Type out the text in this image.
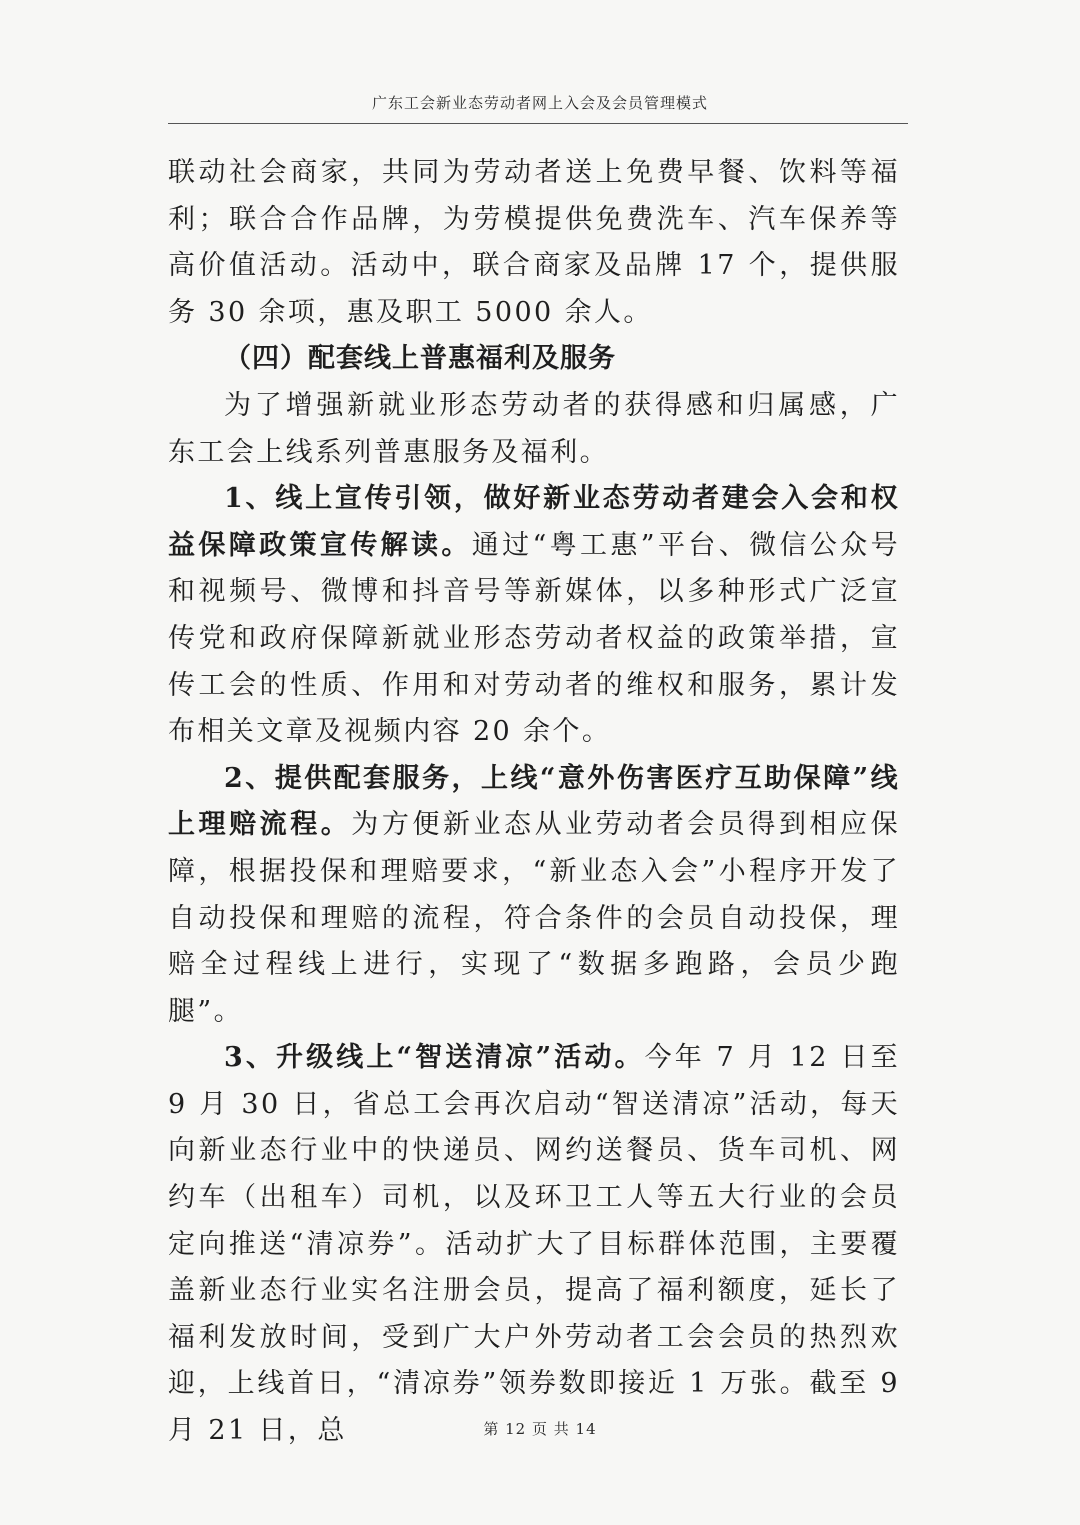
广东工会新业态劳动者网上入会及会员管理模式

联动社会商家，共同为劳动者送上免费早餐、饮料等福利；联合合作品牌，为劳模提供免费洗车、汽车保养等高价值活动。活动中，联合商家及品牌 17 个，提供服务 30 余项，惠及职工 5000 余人。

（四）配套线上普惠福利及服务

为了增强新就业形态劳动者的获得感和归属感，广东工会上线系列普惠服务及福利。

1、线上宣传引领，做好新业态劳动者建会入会和权益保障政策宣传解读。通过“粤工惠”平台、微信公众号和视频号、微博和抖音号等新媒体，以多种形式广泛宣传党和政府保障新就业形态劳动者权益的政策举措，宣传工会的性质、作用和对劳动者的维权和服务，累计发布相关文章及视频内容 20 余个。

2、提供配套服务，上线“意外伤害医疗互助保障”线上理赔流程。为方便新业态从业劳动者会员得到相应保障，根据投保和理赔要求，“新业态入会”小程序开发了自动投保和理赔的流程，符合条件的会员自动投保，理赔全过程线上进行，实现了“数据多跑路，会员少跑腿”。

3、升级线上“智送清凉”活动。今年 7 月 12 日至 9 月 30 日，省总工会再次启动“智送清凉”活动，每天向新业态行业中的快递员、网约送餐员、货车司机、网约车（出租车）司机，以及环卫工人等五大行业的会员定向推送“清凉券”。活动扩大了目标群体范围，主要覆盖新业态行业实名注册会员，提高了福利额度，延长了福利发放时间，受到广大户外劳动者工会会员的热烈欢迎，上线首日，“清凉券”领券数即接近 1 万张。截至 9 月 21 日，总	第 12 页 共 14
